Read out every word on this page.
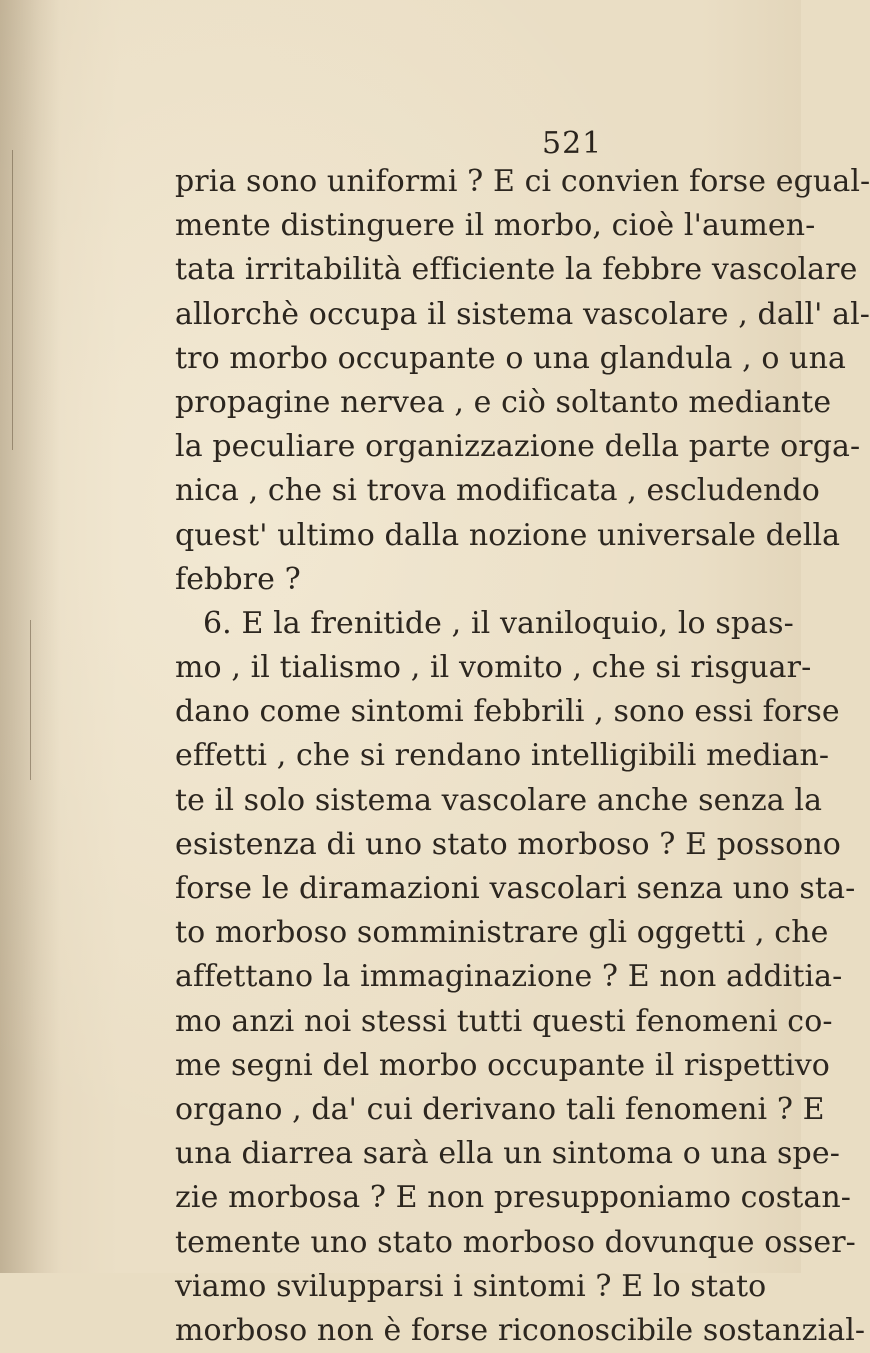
521
pria sono uniformi ? E ci convien forse egual-
mente distinguere il morbo, cioè l'aumen-
tata irritabilità efficiente la febbre vascolare
allorchè occupa il sistema vascolare , dall' al-
tro morbo occupante o una glandula , o una
propagine nervea , e ciò soltanto mediante
la peculiare organizzazione della parte orga-
nica , che si trova modificata , escludendo
quest' ultimo dalla nozione universale della
febbre ?
6. E la frenitide , il vaniloquio, lo spas-
mo , il tialismo , il vomito , che si risguar-
dano come sintomi febbrili , sono essi forse
effetti , che si rendano intelligibili median-
te il solo sistema vascolare anche senza la
esistenza di uno stato morboso ? E possono
forse le diramazioni vascolari senza uno sta-
to morboso somministrare gli oggetti , che
affettano la immaginazione ? E non additia-
mo anzi noi stessi tutti questi fenomeni co-
me segni del morbo occupante il rispettivo
organo , da' cui derivano tali fenomeni ? E
una diarrea sarà ella un sintoma o una spe-
zie morbosa ? E non presupponiamo costan-
temente uno stato morboso dovunque osser-
viamo svilupparsi i sintomi ? E lo stato
morboso non è forse riconoscibile sostanzial-
